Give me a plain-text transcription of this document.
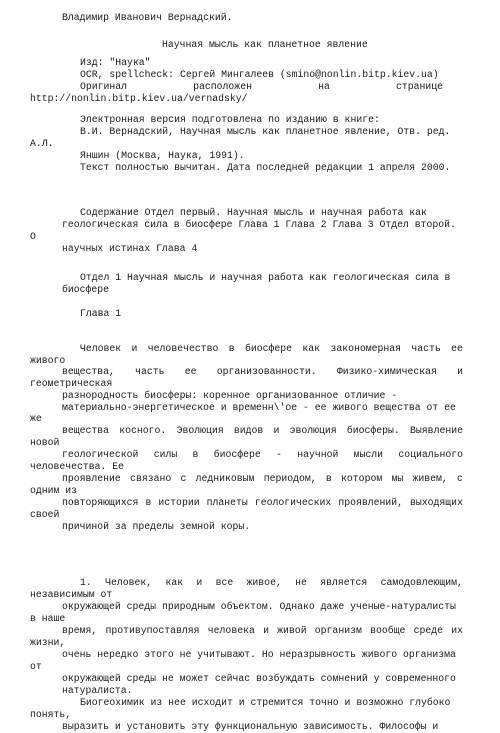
Владимир Иванович Вернадский.
Научная мысль как планетное явление
Изд: "Наука"
OCR, spellcheck: Сергей Мингалеев (smino@nonlin.bitp.kiev.ua)
Оригинал	расположен	на	странице
http://nonlin.bitp.kiev.ua/vernadsky/
Электронная версия подготовлена по изданию в книге:
В.И. Вернадский, Научная мысль как планетное явление, Отв. ред.
А.Л.
Яншин (Москва, Наука, 1991).
Текст полностью вычитан. Дата последней редакции 1 апреля 2000.
Содержание Отдел первый. Научная мысль и научная работа как
геологическая сила в биосфере Глава 1 Глава 2 Глава 3 Отдел второй.
О
научных истинах Глава 4
Отдел 1 Научная мысль и научная работа как геологическая сила в
биосфере
Глава 1
Человек и человечество в биосфере как закономерная часть ее
живого
вещества, часть ее организованности. Физико-химическая и
геометрическая
разнородность биосферы: коренное организованное отличие -
материально-энергетическое и временн\'ое - ее живого вещества от ее
же
вещества косного. Эволюция видов и эволюция биосферы. Выявление
новой
геологической силы в биосфере - научной мысли социального
человечества. Ее
проявление связано с ледниковым периодом, в котором мы живем, с
одним из
повторяющихся в истории планеты геологических проявлений, выходящих
своей
причиной за пределы земной коры.
1. Человек, как и все живое, не является самодовлеющим,
независимым от
окружающей среды природным объектом. Однако даже ученые-натуралисты
в наше
время, противупоставляя человека и живой организм вообще среде их
жизни,
очень нередко этого не учитывают. Но неразрывность живого организма
от
окружающей среды не может сейчас возбуждать сомнений у современного
натуралиста.
Биогеохимик из нее исходит и стремится точно и возможно глубоко
понять,
выразить и установить эту функциональную зависимость. Философы и
